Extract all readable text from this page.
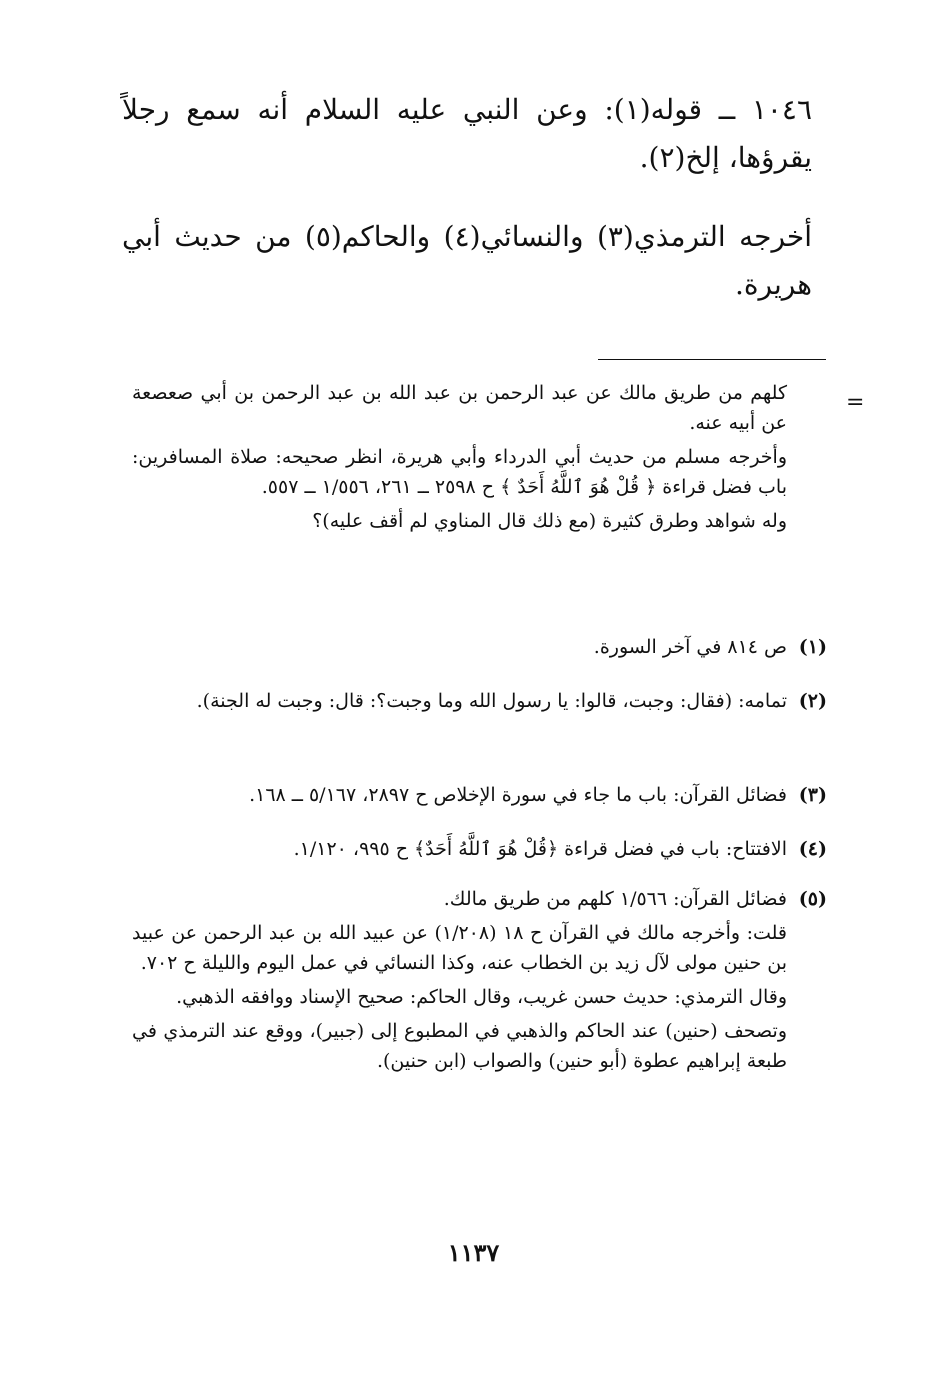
١٠٤٦ ــ قوله(١): وعن النبي عليه السلام أنه سمع رجلاً يقرؤها، إلخ(٢).

أخرجه الترمذي(٣) والنسائي(٤) والحاكم(٥) من حديث أبي هريرة.

=

كلهم من طريق مالك عن عبد الرحمن بن عبد الله بن عبد الرحمن بن أبي صعصعة عن أبيه عنه.

وأخرجه مسلم من حديث أبي الدرداء وأبي هريرة، انظر صحيحه: صلاة المسافرين: باب فضل قراءة ﴿ قُلْ هُوَ ٱللَّهُ أَحَدٌ ﴾ ح ٢٥٩٨ ــ ٢٦١، ١/٥٥٦ ــ ٥٥٧.

وله شواهد وطرق كثيرة (مع ذلك قال المناوي لم أقف عليه)؟

(١)

ص ٨١٤ في آخر السورة.

(٢)

تمامه: (فقال: وجبت، قالوا: يا رسول الله وما وجبت؟: قال: وجبت له الجنة).

(٣)

فضائل القرآن: باب ما جاء في سورة الإخلاص ح ٢٨٩٧، ٥/١٦٧ ــ ١٦٨.

(٤)

الافتتاح: باب في فضل قراءة ﴿قُلْ هُوَ ٱللَّهُ أَحَدٌ﴾ ح ٩٩٥، ١/١٢٠.

(٥)

فضائل القرآن: ١/٥٦٦ كلهم من طريق مالك.

قلت: وأخرجه مالك في القرآن ح ١٨ (١/٢٠٨) عن عبيد الله بن عبد الرحمن عن عبيد بن حنين مولى لآل زيد بن الخطاب عنه، وكذا النسائي في عمل اليوم والليلة ح ٧٠٢.

وقال الترمذي: حديث حسن غريب، وقال الحاكم: صحيح الإسناد ووافقه الذهبي.

وتصحف (حنين) عند الحاكم والذهبي في المطبوع إلى (جبير)، ووقع عند الترمذي في طبعة إبراهيم عطوة (أبو حنين) والصواب (ابن حنين).

١١٣٧
